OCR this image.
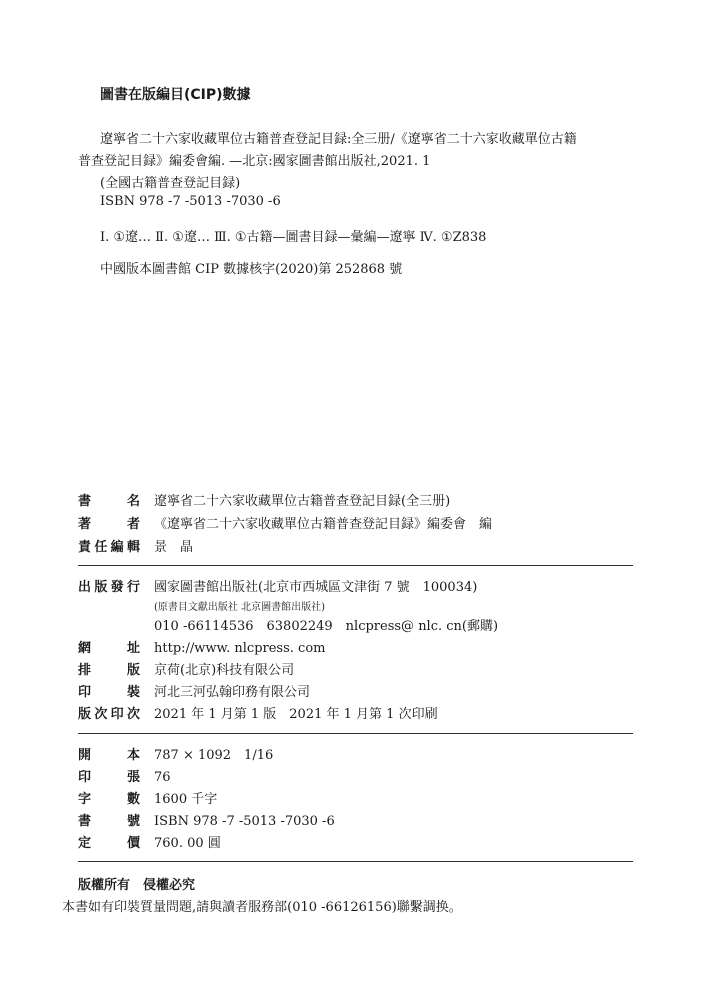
圖書在版編目(CIP)數據
遼寧省二十六家收藏單位古籍普查登記目録:全三册/《遼寧省二十六家收藏單位古籍
普查登記目録》編委會編. —北京:國家圖書館出版社,2021. 1
(全國古籍普查登記目録)
ISBN 978 -7 -5013 -7030 -6
Ⅰ. ①遼… Ⅱ. ①遼… Ⅲ. ①古籍—圖書目録—彙編—遼寧 Ⅳ. ①Z838
中國版本圖書館 CIP 數據核字(2020)第 252868 號
書名 遼寧省二十六家收藏單位古籍普查登記目録(全三册)
著者 《遼寧省二十六家收藏單位古籍普查登記目録》編委會　編
責任編輯 景　晶
出版發行 國家圖書館出版社(北京市西城區文津街 7 號　100034)
(原書目文獻出版社 北京圖書館出版社)
010 -66114536　63802249　nlcpress@ nlc. cn(郵購)
網址 http://www. nlcpress. com
排版 京荷(北京)科技有限公司
印裝 河北三河弘翰印務有限公司
版次印次 2021 年 1 月第 1 版　2021 年 1 月第 1 次印刷
開本 787 × 1092　1/16
印張 76
字數 1600 千字
書號 ISBN 978 -7 -5013 -7030 -6
定價 760. 00 圓
版權所有　侵權必究
本書如有印裝質量問題,請與讀者服務部(010 -66126156)聯繫調换。
